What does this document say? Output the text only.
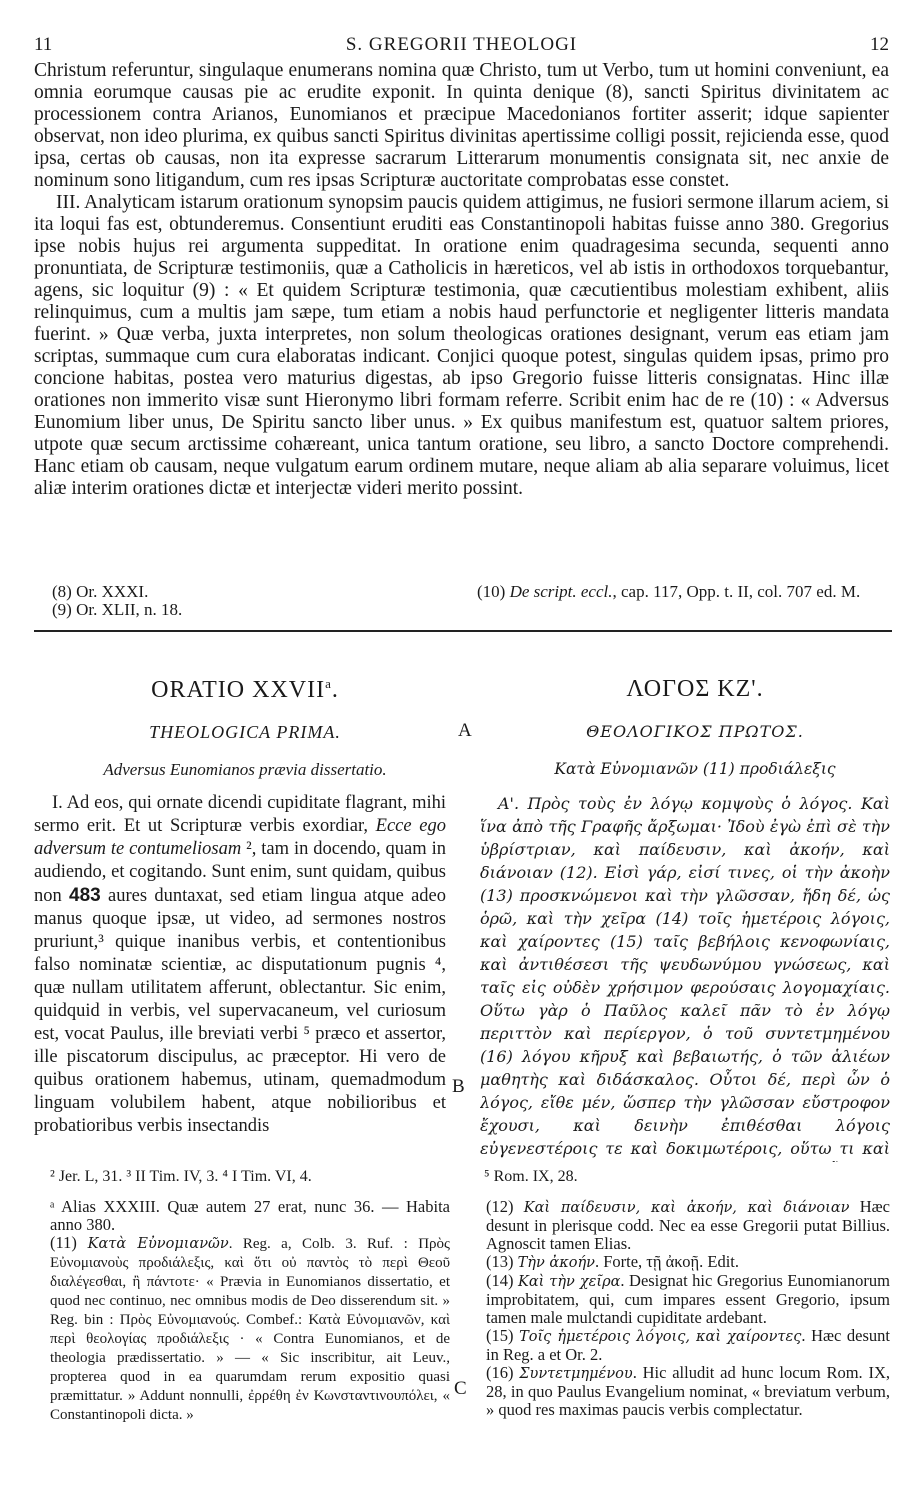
11	S. GREGORII THEOLOGI	12

Christum referuntur, singulaque enumerans nomina quæ Christo, tum ut Verbo, tum ut homini conveniunt, ea omnia eorumque causas pie ac erudite exponit. In quinta denique (8), sancti Spiritus divinitatem ac processionem contra Arianos, Eunomianos et præcipue Macedonianos fortiter asserit; idque sapienter observat, non ideo plurima, ex quibus sancti Spiritus divinitas apertissime colligi possit, rejicienda esse, quod ipsa, certas ob causas, non ita expresse sacrarum Litterarum monumentis consignata sit, nec anxie de nominum sono litigandum, cum res ipsas Scripturæ auctoritate comprobatas esse constet.

III. Analyticam istarum orationum synopsim paucis quidem attigimus, ne fusiori sermone illarum aciem, si ita loqui fas est, obtunderemus. Consentiunt eruditi eas Constantinopoli habitas fuisse anno 380. Gregorius ipse nobis hujus rei argumenta suppeditat. In oratione enim quadragesima secunda, sequenti anno pronuntiata, de Scripturæ testimoniis, quæ a Catholicis in hæreticos, vel ab istis in orthodoxos torquebantur, agens, sic loquitur (9) : « Et quidem Scripturæ testimonia, quæ cæcutientibus molestiam exhibent, aliis relinquimus, cum a multis jam sæpe, tum etiam a nobis haud perfunctorie et negligenter litteris mandata fuerint. » Quæ verba, juxta interpretes, non solum theologicas orationes designant, verum eas etiam jam scriptas, summaque cum cura elaboratas indicant. Conjici quoque potest, singulas quidem ipsas, primo pro concione habitas, postea vero maturius digestas, ab ipso Gregorio fuisse litteris consignatas. Hinc illæ orationes non immerito visæ sunt Hieronymo libri formam referre. Scribit enim hac de re (10) : « Adversus Eunomium liber unus, De Spiritu sancto liber unus. » Ex quibus manifestum est, quatuor saltem priores, utpote quæ secum arctissime cohæreant, unica tantum oratione, seu libro, a sancto Doctore comprehendi. Hanc etiam ob causam, neque vulgatum earum ordinem mutare, neque aliam ab alia separare voluimus, licet aliæ interim orationes dictæ et interjectæ videri merito possint.

(8) Or. XXXI.
(9) Or. XLII, n. 18.
(10) De script. eccl., cap. 117, Opp. t. II, col. 707 ed. M.
ORATIO XXVII$^a$.	ΛΟΓΟΣ ΚΖ'.
THEOLOGICA PRIMA.	A	ΘΕΟΛΟΓΙΚΟΣ ΠΡΩΤΟΣ.
Adversus Eunomianos prævia dissertatio.	Κατὰ Εὐνομιανῶν (11) προδιάλεξις

I. Ad eos, qui ornate dicendi cupiditate flagrant, mihi sermo erit. Et ut Scripturæ verbis exordiar, Ecce ego adversum te contumeliosam ², tam in docendo, quam in audiendo, et cogitando. Sunt enim, sunt quidam, quibus non 483 aures duntaxat, sed etiam lingua atque adeo manus quoque ipsæ, ut video, ad sermones nostros pruriunt,³ quique inanibus verbis, et contentionibus falso nominatæ scientiæ, ac disputationum pugnis ⁴, quæ nullam utilitatem afferunt, oblectantur. Sic enim, quidquid in verbis, vel supervacaneum, vel curiosum est, vocat Paulus, ille breviati verbi ⁵ præco et assertor, ille piscatorum discipulus, ac præceptor. Hi vero de quibus orationem habemus, utinam, quemadmodum linguam volubilem habent, atque nobilioribus et probatioribus verbis insectandis

B

Α'. Πρὸς τοὺς ἐν λόγῳ κομψοὺς ὁ λόγος. Καὶ ἵνα ἀπὸ τῆς Γραφῆς ἄρξωμαι· Ἰδοὺ ἐγὼ ἐπὶ σὲ τὴν ὑβρίστριαν, καὶ παίδευσιν, καὶ ἀκοήν, καὶ διάνοιαν (12). Εἰσὶ γάρ, εἰσί τινες, οἱ τὴν ἀκοὴν (13) προσκνώμενοι καὶ τὴν γλῶσσαν, ἤδη δέ, ὡς ὁρῶ, καὶ τὴν χεῖρα (14) τοῖς ἡμετέροις λόγοις, καὶ χαίροντες (15) ταῖς βεβήλοις κενοφωνίαις, καὶ ἀντιθέσεσι τῆς ψευδωνύμου γνώσεως, καὶ ταῖς εἰς οὐδὲν χρήσιμον φερούσαις λογομαχίαις. Οὕτω γὰρ ὁ Παῦλος καλεῖ πᾶν τὸ ἐν λόγῳ περιττὸν καὶ περίεργον, ὁ τοῦ συντετμημένου (16) λόγου κῆρυξ καὶ βεβαιωτής, ὁ τῶν ἁλιέων μαθητὴς καὶ διδάσκαλος. Οὗτοι δέ, περὶ ὧν ὁ λόγος, εἴθε μέν, ὥσπερ τὴν γλῶσσαν εὔστροφον ἔχουσι, καὶ δεινὴν ἐπιθέσθαι λόγοις εὐγενεστέροις τε καὶ δοκιμωτέροις, οὕτω τι καὶ

² Jer. L, 31. ³ II Tim. IV, 3. ⁴ I Tim. VI, 4.	⁵ Rom. IX, 28.

ᵃ Alias XXXIII. Quæ autem 27 erat, nunc 36. — Habita anno 380.

(11) Κατὰ Εὐνομιανῶν. Reg. a, Colb. 3. Ruf. : Πρὸς Εὐνομιανοὺς προδιάλεξις, καὶ ὅτι οὐ παντὸς τὸ περὶ Θεοῦ διαλέγεσθαι, ἢ πάντοτε· « Prævia in Eunomianos dissertatio, et quod nec continuo, nec omnibus modis de Deo disserendum sit. » Reg. bin : Πρὸς Εὐνομιανούς. Combef.: Κατὰ Εὐνομιανῶν, καὶ περὶ θεολογίας προδιάλεξις · « Contra Eunomianos, et de theologia prædissertatio. » — « Sic inscribitur, ait Leuv., propterea quod in ea quarumdam rerum expositio quasi præmittatur. » Addunt nonnulli, ἐρρέθη ἐν Κωνσταντινουπόλει, « Constantinopoli dicta. »

C

(12) Καὶ παίδευσιν, καὶ ἀκοήν, καὶ διάνοιαν Hæc desunt in plerisque codd. Nec ea esse Gregorii putat Billius. Agnoscit tamen Elias.

(13) Τὴν ἀκοήν. Forte, τῇ ἀκοῇ. Edit.

(14) Καὶ τὴν χεῖρα. Designat hic Gregorius Eunomianorum improbitatem, qui, cum impares essent Gregorio, ipsum tamen male mulctandi cupiditate ardebant.

(15) Τοῖς ἡμετέροις λόγοις, καὶ χαίροντες. Hæc desunt in Reg. a et Or. 2.

(16) Συντετμημένου. Hic alludit ad hunc locum Rom. IX, 28, in quo Paulus Evangelium nominat, « breviatum verbum, » quod res maximas paucis verbis complectatur.
